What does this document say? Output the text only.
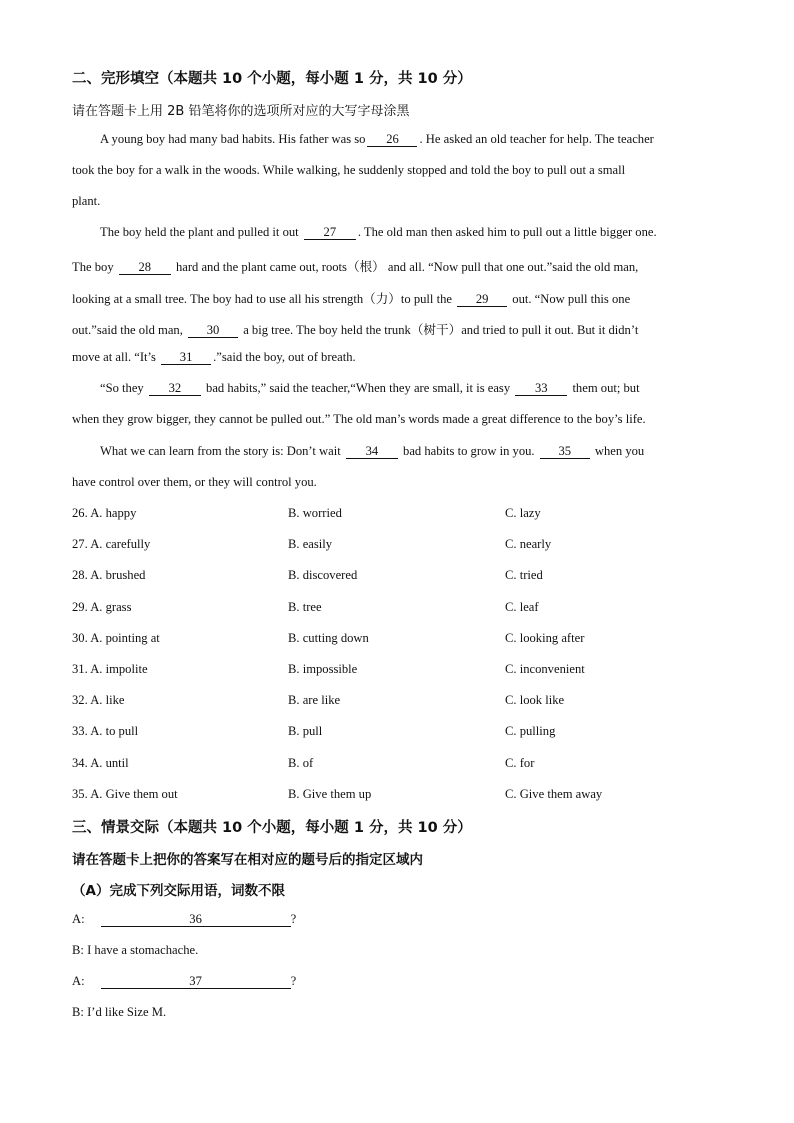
二、完形填空（本题共 10 个小题，每小题 1 分，共 10 分）
请在答题卡上用 2B 铅笔将你的选项所对应的大写字母涂黑
A young boy had many bad habits. His father was so 26 . He asked an old teacher for help. The teacher
took the boy for a walk in the woods. While walking, he suddenly stopped and told the boy to pull out a small
plant.
The boy held the plant and pulled it out 27 . The old man then asked him to pull out a little bigger one.
The boy 28 hard and the plant came out, roots（根） and all. “Now pull that one out.”said the old man,
looking at a small tree. The boy had to use all his strength（力）to pull the 29 out. “Now pull this one
out.”said the old man, 30 a big tree. The boy held the trunk（树干）and tried to pull it out. But it didn’t
move at all. “It’s 31 .”said the boy, out of breath.
“So they 32 bad habits,” said the teacher,“When they are small, it is easy 33 them out; but
when they grow bigger, they cannot be pulled out.” The old man’s words made a great difference to the boy’s life.
What we can learn from the story is: Don’t wait 34 bad habits to grow in you. 35 when you
have control over them, or they will control you.
26. A. happy	B. worried	C. lazy
27. A. carefully	B. easily	C. nearly
28. A. brushed	B. discovered	C. tried
29. A. grass	B. tree	C. leaf
30. A. pointing at	B. cutting down	C. looking after
31. A. impolite	B. impossible	C. inconvenient
32. A. like	B. are like	C. look like
33. A. to pull	B. pull	C. pulling
34. A. until	B. of	C. for
35. A. Give them out	B. Give them up	C. Give them away
三、情景交际（本题共 10 个小题，每小题 1 分，共 10 分）
请在答题卡上把你的答案写在相对应的题号后的指定区域内
（A）完成下列交际用语，词数不限
A:	36	?
B: I have a stomachache.
A:	37	?
B: I’d like Size M.
